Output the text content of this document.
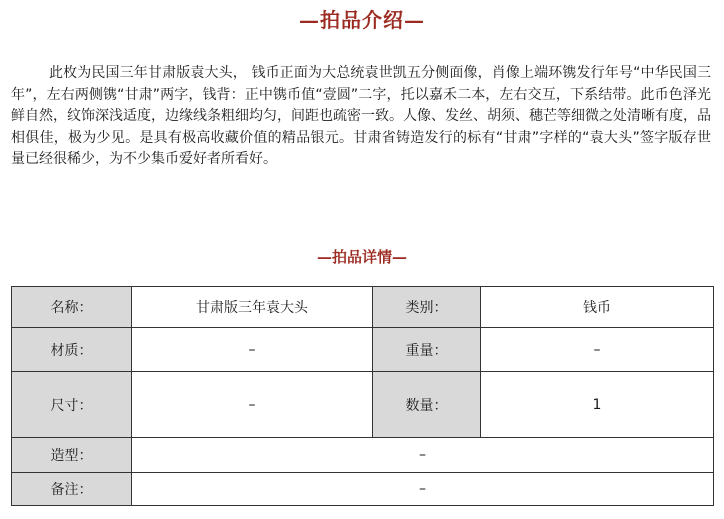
—拍品介绍—

此枚为民国三年甘肃版袁大头， 钱币正面为大总统袁世凯五分侧面像，肖像上端环镌发行年号“中华民国三年”，左右两侧镌“甘肃”两字，钱背：正中镌币值“壹圆”二字，托以嘉禾二本，左右交互，下系结带。此币色泽光鲜自然，纹饰深浅适度，边缘线条粗细均匀，间距也疏密一致。人像、发丝、胡须、穗芒等细微之处清晰有度，品相俱佳，极为少见。是具有极高收藏价值的精品银元。甘肃省铸造发行的标有“甘肃”字样的“袁大头”签字版存世量已经很稀少，为不少集币爱好者所看好。

—拍品详情—
名称：	甘肃版三年袁大头	类别：	钱币
材质：	–	重量：	–
尺寸：	–	数量：	1
造型：	–		
备注：	–		
